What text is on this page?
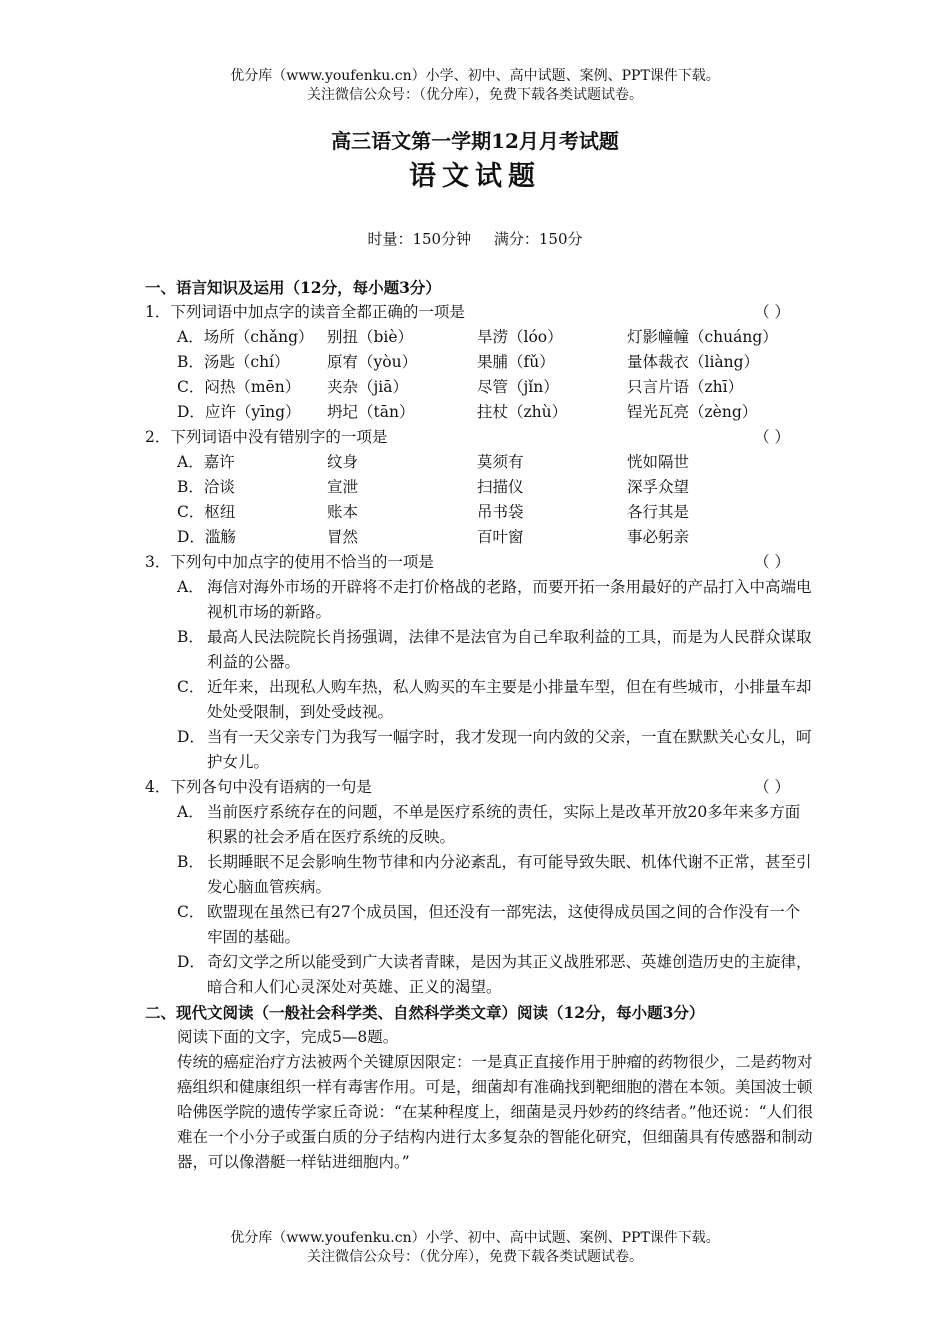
优分库（www.youfenku.cn）小学、初中、高中试题、案例、PPT课件下载。
关注微信公众号：（优分库），免费下载各类试题试卷。
高三语文第一学期12月月考试题
语文试题
时量：150分钟 满分：150分
一、语言知识及运用（12分，每小题3分）
1．下列词语中加点字的读音全都正确的一项是	（ ）
A．场所（chǎng） 别扭（biè）	旱涝（lóo）	灯影幢幢（chuáng）
B．汤匙（chí）	原宥（yòu）	果脯（fǔ）	量体裁衣（liàng）
C．闷热（mēn）	夹杂（jiā）	尽管（jǐn）	只言片语（zhī）
D．应许（yīng）	坍圮（tān）	拄杖（zhù）	锃光瓦亮（zèng）
2．下列词语中没有错别字的一项是	（ ）
A．嘉许	纹身	莫须有	恍如隔世
B．洽谈	宣泄	扫描仪	深孚众望
C．枢纽	账本	吊书袋	各行其是
D．滥觞	冒然	百叶窗	事必躬亲
3．下列句中加点字的使用不恰当的一项是	（ ）
A． 海信对海外市场的开辟将不走打价格战的老路，而要开拓一条用最好的产品打入中高端电视机市场的新路。
B． 最高人民法院院长肖扬强调，法律不是法官为自己牟取利益的工具，而是为人民群众谋取利益的公器。
C． 近年来，出现私人购车热，私人购买的车主要是小排量车型，但在有些城市，小排量车却处处受限制，到处受歧视。
D． 当有一天父亲专门为我写一幅字时，我才发现一向内敛的父亲，一直在默默关心女儿，呵护女儿。
4．下列各句中没有语病的一句是	（ ）
A． 当前医疗系统存在的问题，不单是医疗系统的责任，实际上是改革开放20多年来多方面积累的社会矛盾在医疗系统的反映。
B． 长期睡眠不足会影响生物节律和内分泌紊乱，有可能导致失眠、机体代谢不正常，甚至引发心脑血管疾病。
C． 欧盟现在虽然已有27个成员国，但还没有一部宪法，这使得成员国之间的合作没有一个牢固的基础。
D． 奇幻文学之所以能受到广大读者青睐，是因为其正义战胜邪恶、英雄创造历史的主旋律，暗合和人们心灵深处对英雄、正义的渴望。
二、现代文阅读（一般社会科学类、自然科学类文章）阅读（12分，每小题3分）
阅读下面的文字，完成5—8题。
传统的癌症治疗方法被两个关键原因限定：一是真正直接作用于肿瘤的药物很少，二是药物对癌组织和健康组织一样有毒害作用。可是，细菌却有准确找到靶细胞的潜在本领。美国波士顿哈佛医学院的遗传学家丘奇说：“在某种程度上，细菌是灵丹妙药的终结者。”他还说：“人们很难在一个小分子或蛋白质的分子结构内进行太多复杂的智能化研究，但细菌具有传感器和制动器，可以像潜艇一样钻进细胞内。”
优分库（www.youfenku.cn）小学、初中、高中试题、案例、PPT课件下载。
关注微信公众号：（优分库），免费下载各类试题试卷。
